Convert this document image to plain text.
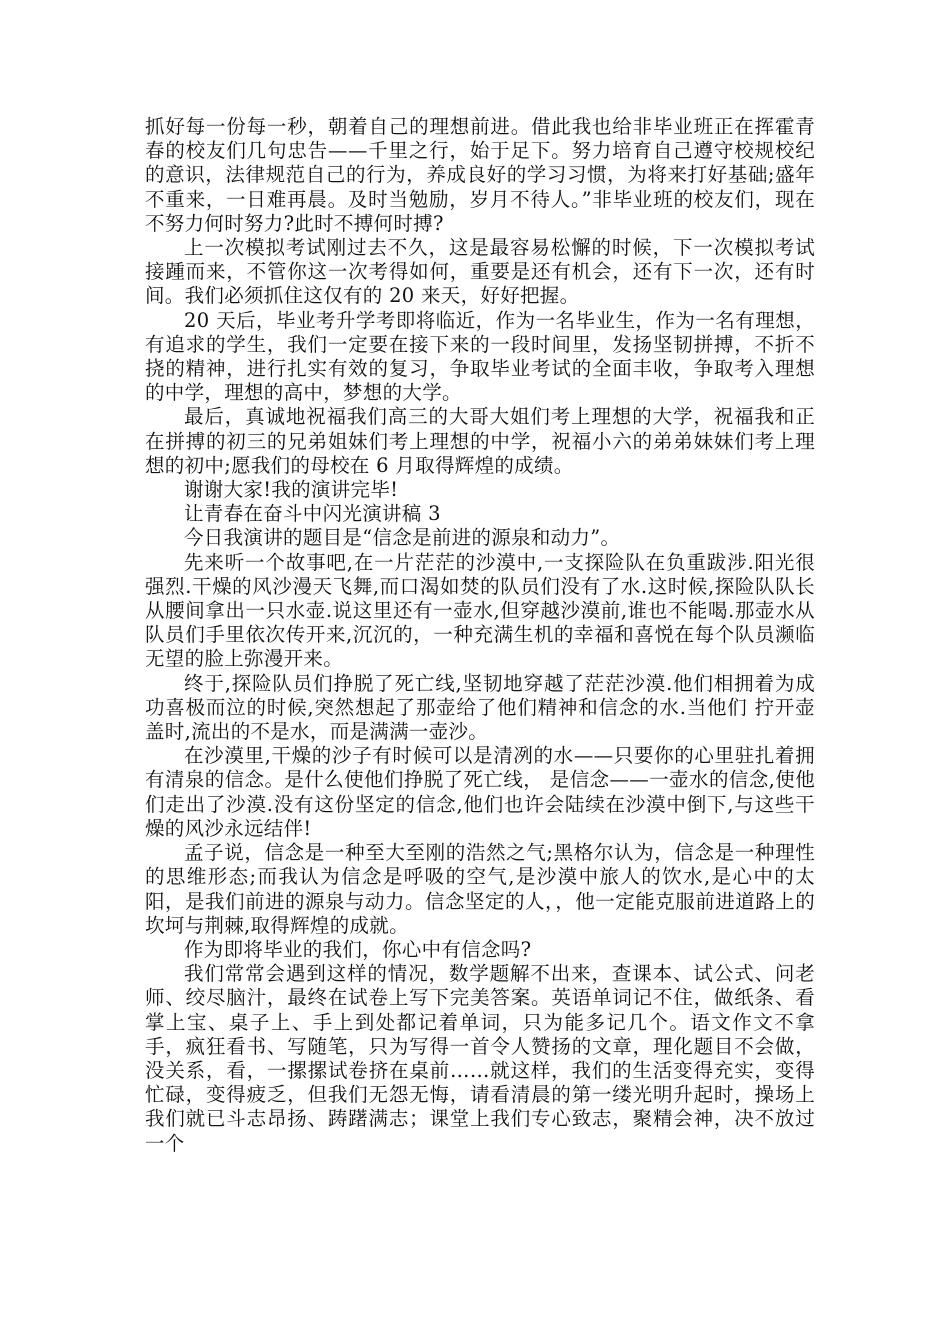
抓好每一份每一秒，朝着自己的理想前进。借此我也给非毕业班正在挥霍青春的校友们几句忠告——千里之行，始于足下。努力培育自己遵守校规校纪的意识，法律规范自己的行为，养成良好的学习习惯，为将来打好基础;盛年不重来，一日难再晨。及时当勉励，岁月不待人。”非毕业班的校友们，现在不努力何时努力?此时不搏何时搏?

上一次模拟考试刚过去不久，这是最容易松懈的时候，下一次模拟考试接踵而来，不管你这一次考得如何，重要是还有机会，还有下一次，还有时间。我们必须抓住这仅有的 20 来天，好好把握。

20 天后，毕业考升学考即将临近，作为一名毕业生，作为一名有理想，有追求的学生，我们一定要在接下来的一段时间里，发扬坚韧拼搏，不折不挠的精神，进行扎实有效的复习，争取毕业考试的全面丰收，争取考入理想的中学，理想的高中，梦想的大学。

最后，真诚地祝福我们高三的大哥大姐们考上理想的大学，祝福我和正在拼搏的初三的兄弟姐妹们考上理想的中学，祝福小六的弟弟妹妹们考上理想的初中;愿我们的母校在 6 月取得辉煌的成绩。

谢谢大家!我的演讲完毕!

让青春在奋斗中闪光演讲稿 3

今日我演讲的题目是“信念是前进的源泉和动力”。

先来听一个故事吧,在一片茫茫的沙漠中,一支探险队在负重跋涉.阳光很强烈.干燥的风沙漫天飞舞,而口渴如焚的队员们没有了水.这时候,探险队队长从腰间拿出一只水壶.说这里还有一壶水,但穿越沙漠前,谁也不能喝.那壶水从队员们手里依次传开来,沉沉的，一种充满生机的幸福和喜悦在每个队员濒临无望的脸上弥漫开来。

终于,探险队员们挣脱了死亡线,坚韧地穿越了茫茫沙漠.他们相拥着为成功喜极而泣的时候,突然想起了那壶给了他们精神和信念的水.当他们 拧开壶盖时,流出的不是水，而是满满一壶沙。

在沙漠里,干燥的沙子有时候可以是清冽的水——只要你的心里驻扎着拥有清泉的信念。是什么使他们挣脱了死亡线， 是信念——一壶水的信念,使他们走出了沙漠.没有这份坚定的信念,他们也许会陆续在沙漠中倒下,与这些干燥的风沙永远结伴!

孟子说，信念是一种至大至刚的浩然之气;黑格尔认为，信念是一种理性的思维形态;而我认为信念是呼吸的空气,是沙漠中旅人的饮水,是心中的太阳，是我们前进的源泉与动力。信念坚定的人，，他一定能克服前进道路上的坎坷与荆棘,取得辉煌的成就。

作为即将毕业的我们，你心中有信念吗?

我们常常会遇到这样的情况，数学题解不出来，查课本、试公式、问老师、绞尽脑汁，最终在试卷上写下完美答案。英语单词记不住，做纸条、看掌上宝、桌子上、手上到处都记着单词，只为能多记几个。语文作文不拿手，疯狂看书、写随笔，只为写得一首令人赞扬的文章，理化题目不会做，没关系，看，一摞摞试卷挤在桌前……就这样，我们的生活变得充实，变得忙碌，变得疲乏，但我们无怨无悔，请看清晨的第一缕光明升起时，操场上我们就已斗志昂扬、踌躇满志；课堂上我们专心致志，聚精会神，决不放过一个
